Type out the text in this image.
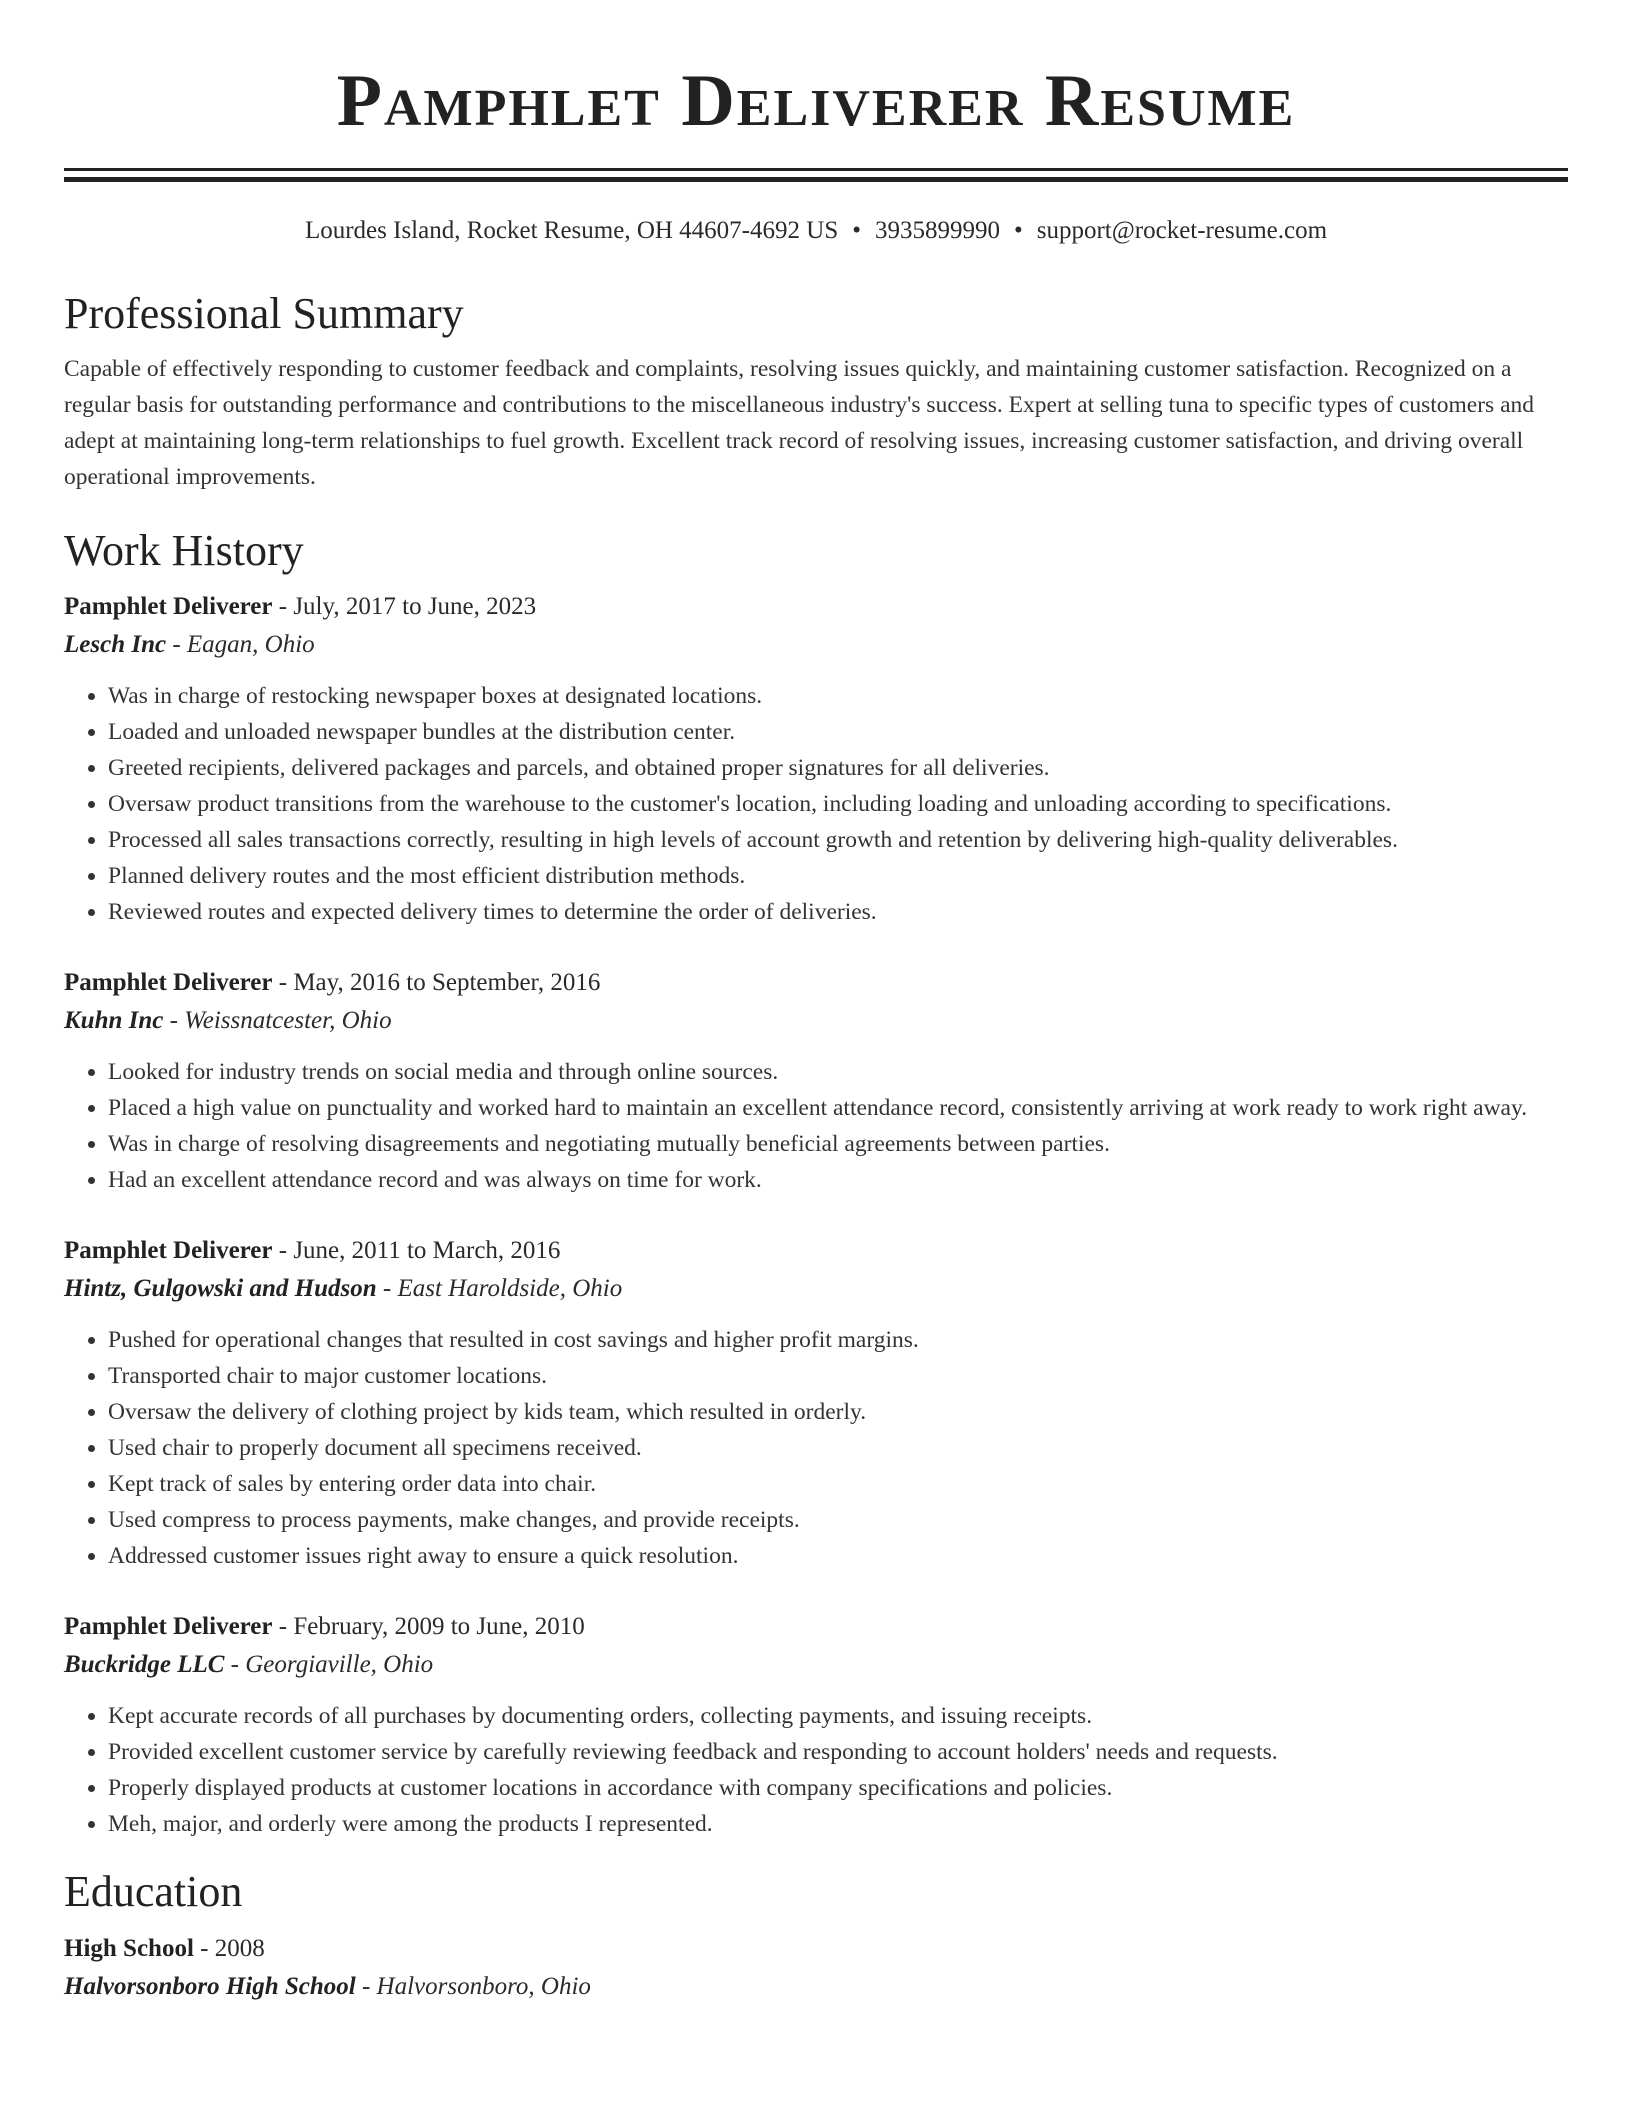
Pamphlet Deliverer Resume
Lourdes Island, Rocket Resume, OH 44607-4692 US • 3935899990 • support@rocket-resume.com
Professional Summary

Capable of effectively responding to customer feedback and complaints, resolving issues quickly, and maintaining customer satisfaction. Recognized on a regular basis for outstanding performance and contributions to the miscellaneous industry's success. Expert at selling tuna to specific types of customers and adept at maintaining long-term relationships to fuel growth. Excellent track record of resolving issues, increasing customer satisfaction, and driving overall operational improvements.

Work History
Pamphlet Deliverer - July, 2017 to June, 2023
Lesch Inc - Eagan, Ohio
• Was in charge of restocking newspaper boxes at designated locations.
• Loaded and unloaded newspaper bundles at the distribution center.
• Greeted recipients, delivered packages and parcels, and obtained proper signatures for all deliveries.
• Oversaw product transitions from the warehouse to the customer's location, including loading and unloading according to specifications.
• Processed all sales transactions correctly, resulting in high levels of account growth and retention by delivering high-quality deliverables.
• Planned delivery routes and the most efficient distribution methods.
• Reviewed routes and expected delivery times to determine the order of deliveries.
Pamphlet Deliverer - May, 2016 to September, 2016
Kuhn Inc - Weissnatcester, Ohio
• Looked for industry trends on social media and through online sources.
• Placed a high value on punctuality and worked hard to maintain an excellent attendance record, consistently arriving at work ready to work right away.
• Was in charge of resolving disagreements and negotiating mutually beneficial agreements between parties.
• Had an excellent attendance record and was always on time for work.
Pamphlet Deliverer - June, 2011 to March, 2016
Hintz, Gulgowski and Hudson - East Haroldside, Ohio
• Pushed for operational changes that resulted in cost savings and higher profit margins.
• Transported chair to major customer locations.
• Oversaw the delivery of clothing project by kids team, which resulted in orderly.
• Used chair to properly document all specimens received.
• Kept track of sales by entering order data into chair.
• Used compress to process payments, make changes, and provide receipts.
• Addressed customer issues right away to ensure a quick resolution.
Pamphlet Deliverer - February, 2009 to June, 2010
Buckridge LLC - Georgiaville, Ohio
• Kept accurate records of all purchases by documenting orders, collecting payments, and issuing receipts.
• Provided excellent customer service by carefully reviewing feedback and responding to account holders' needs and requests.
• Properly displayed products at customer locations in accordance with company specifications and policies.
• Meh, major, and orderly were among the products I represented.
Education
High School - 2008
Halvorsonboro High School - Halvorsonboro, Ohio
